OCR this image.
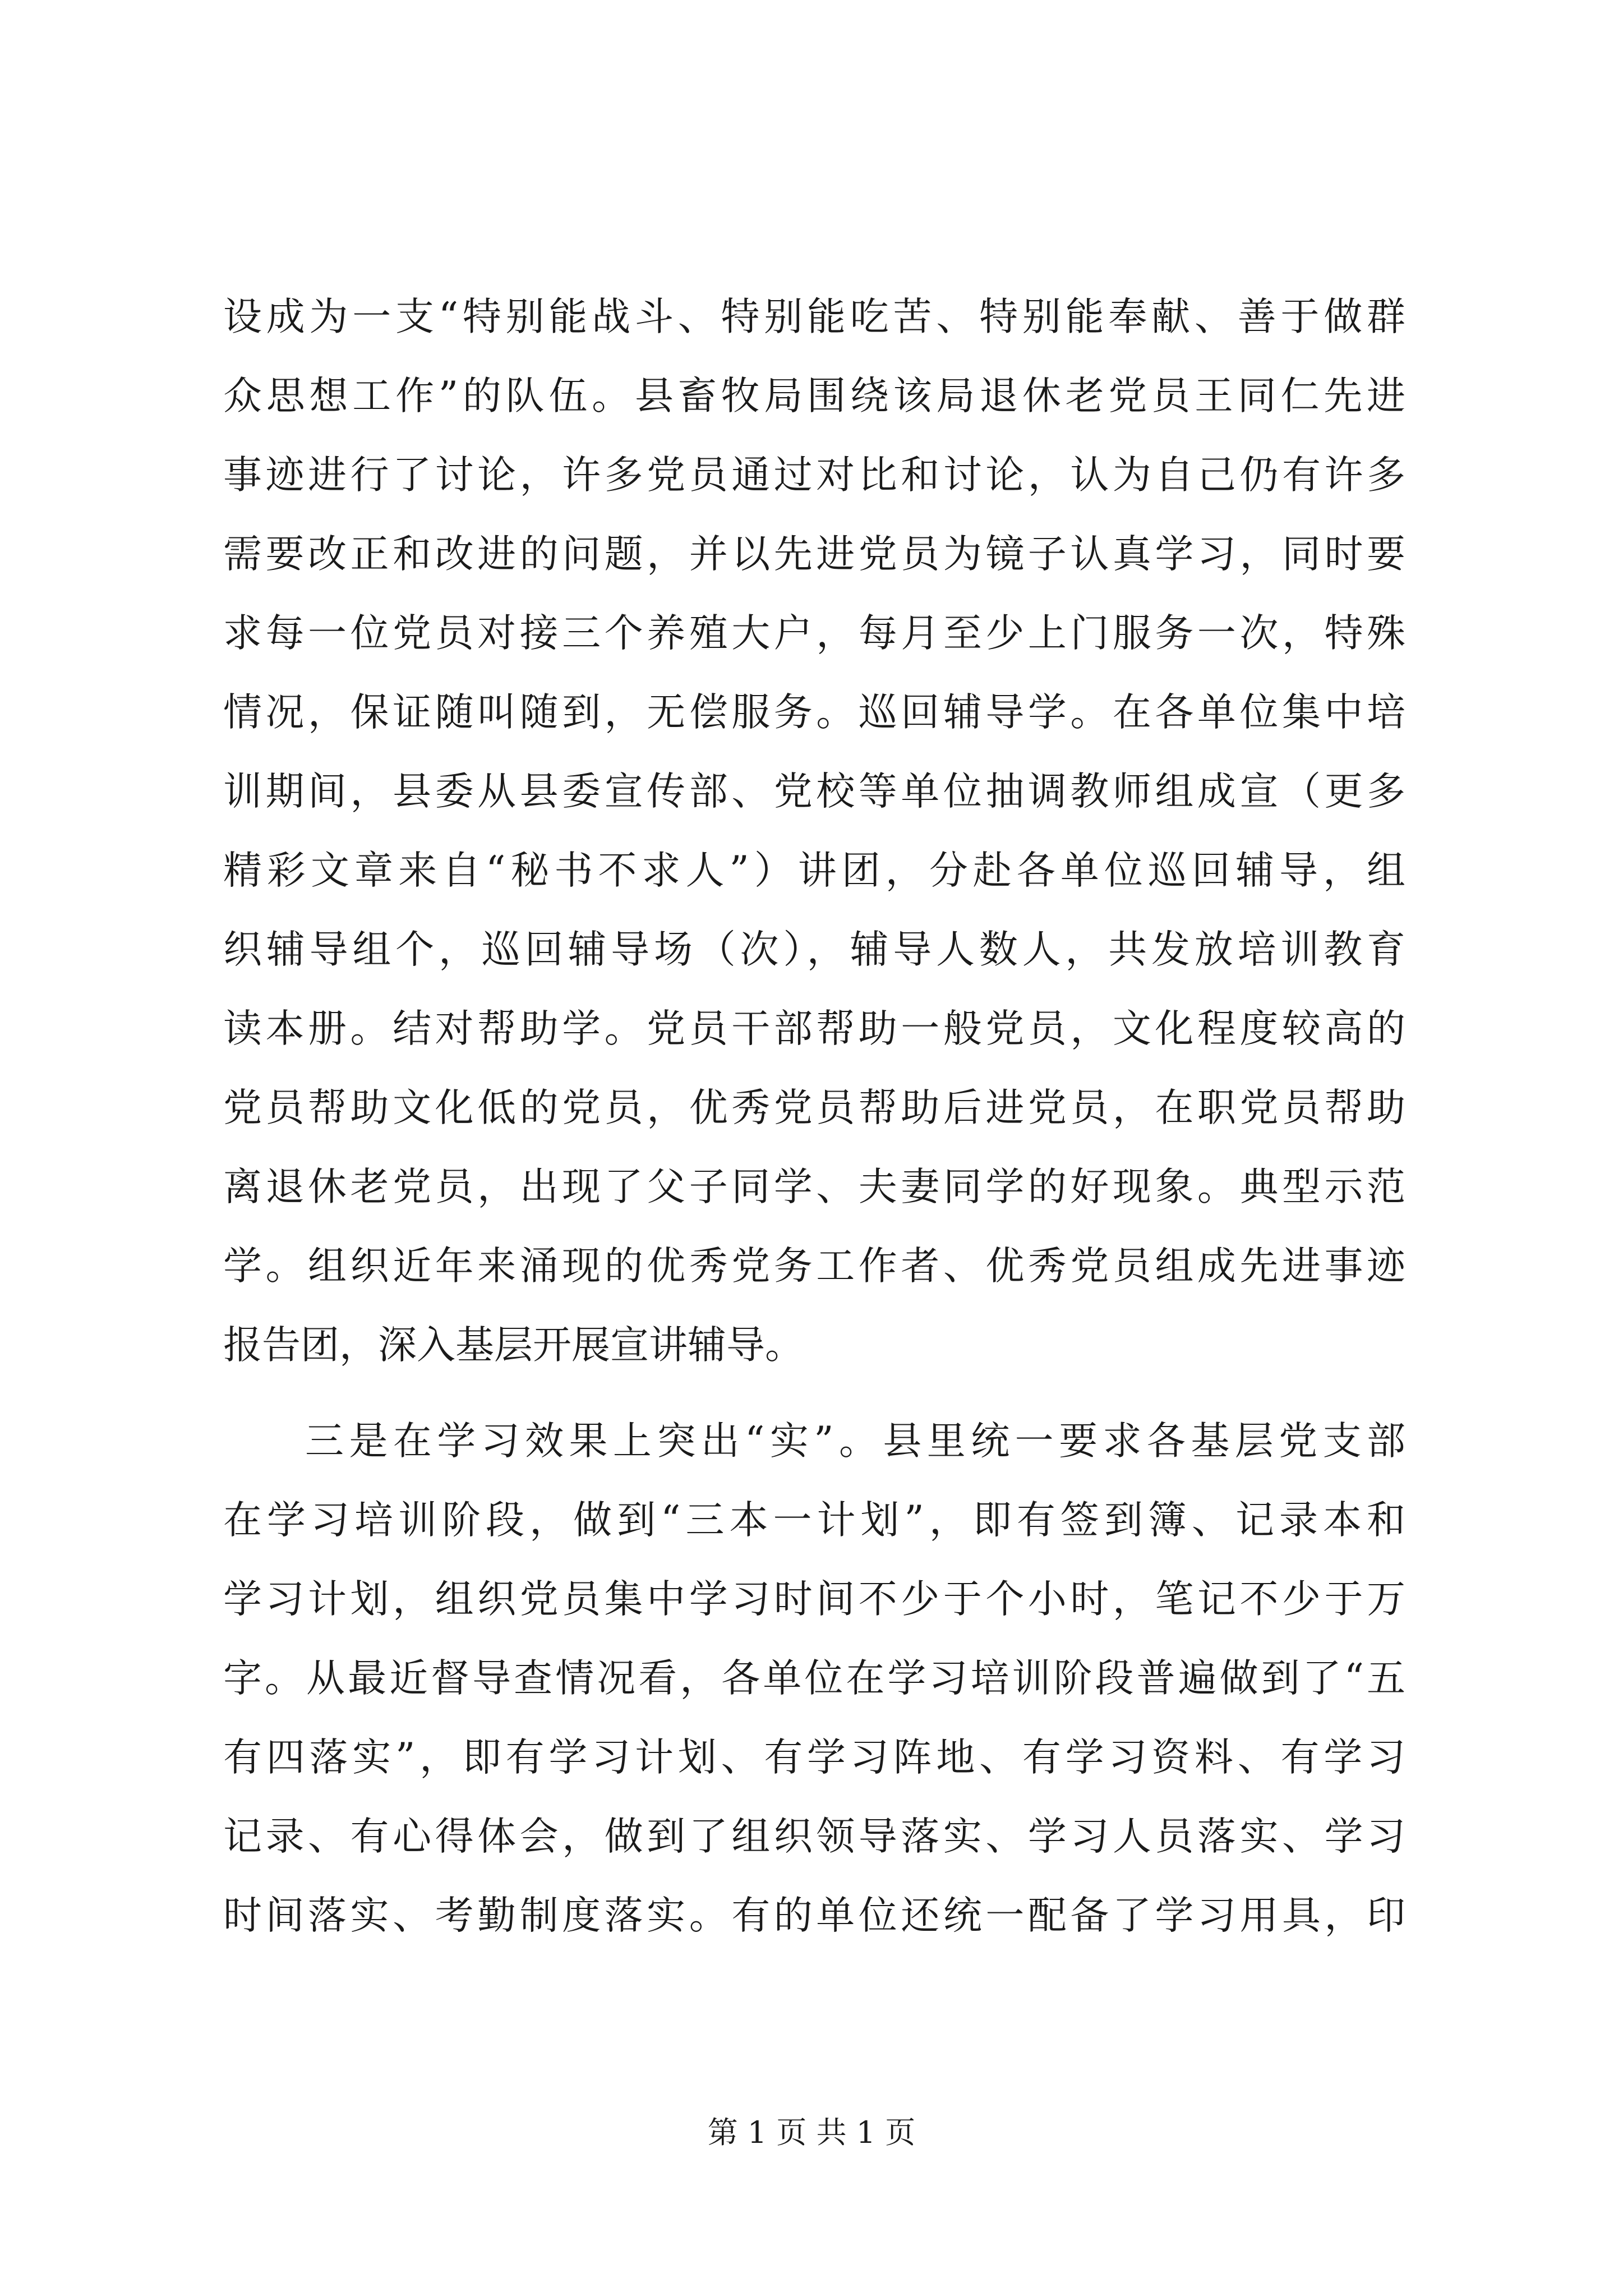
设成为一支“特别能战斗、特别能吃苦、特别能奉献、善于做群
众思想工作”的队伍。县畜牧局围绕该局退休老党员王同仁先进
事迹进行了讨论，许多党员通过对比和讨论，认为自己仍有许多
需要改正和改进的问题，并以先进党员为镜子认真学习，同时要
求每一位党员对接三个养殖大户，每月至少上门服务一次，特殊
情况，保证随叫随到，无偿服务。巡回辅导学。在各单位集中培
训期间，县委从县委宣传部、党校等单位抽调教师组成宣（更多
精彩文章来自“秘书不求人”）讲团，分赴各单位巡回辅导，组
织辅导组个，巡回辅导场（次），辅导人数人，共发放培训教育
读本册。结对帮助学。党员干部帮助一般党员，文化程度较高的
党员帮助文化低的党员，优秀党员帮助后进党员，在职党员帮助
离退休老党员，出现了父子同学、夫妻同学的好现象。典型示范
学。组织近年来涌现的优秀党务工作者、优秀党员组成先进事迹
报告团，深入基层开展宣讲辅导。
三是在学习效果上突出“实”。县里统一要求各基层党支部
在学习培训阶段，做到“三本一计划”，即有签到簿、记录本和
学习计划，组织党员集中学习时间不少于个小时，笔记不少于万
字。从最近督导查情况看，各单位在学习培训阶段普遍做到了“五
有四落实”，即有学习计划、有学习阵地、有学习资料、有学习
记录、有心得体会，做到了组织领导落实、学习人员落实、学习
时间落实、考勤制度落实。有的单位还统一配备了学习用具，印
第 1 页 共 1 页
